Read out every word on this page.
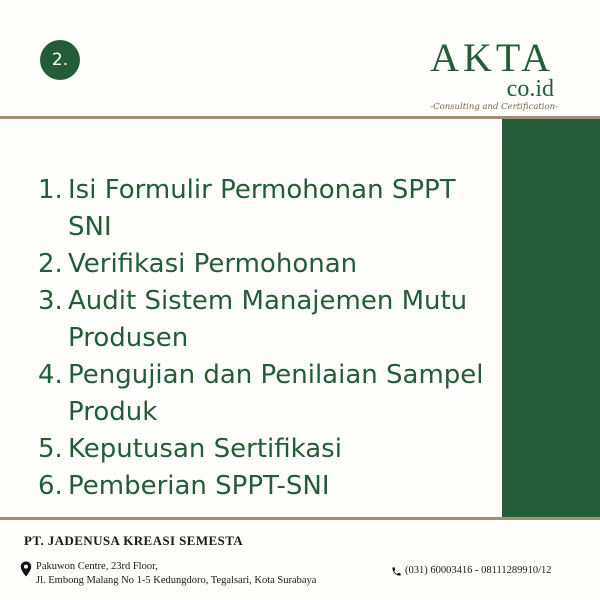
2.	AKTA
co.id
-Consulting and Certification-
1. Isi Formulir Permohonan SPPT SNI
2. Verifikasi Permohonan
3. Audit Sistem Manajemen Mutu Produsen
4. Pengujian dan Penilaian Sampel Produk
5. Keputusan Sertifikasi
6. Pemberian SPPT-SNI
PT. JADENUSA KREASI SEMESTA
Pakuwon Centre, 23rd Floor,
Jl. Embong Malang No 1-5 Kedungdoro, Tegalsari, Kota Surabaya
(031) 60003416 - 08111289910/12
